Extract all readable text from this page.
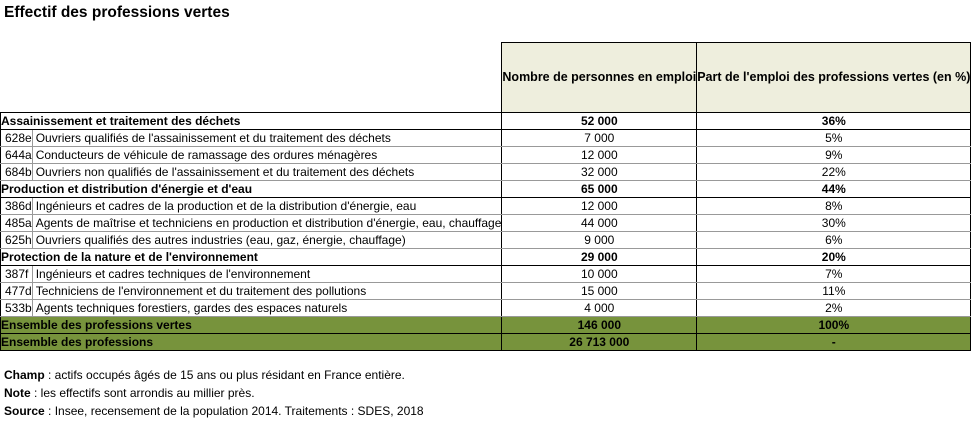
Effectif des professions vertes
		Nombre de personnes en emploi	Part de l'emploi des professions vertes (en %)
Assainissement et traitement des déchets		52 000	36%
628e	Ouvriers qualifiés de l'assainissement et du traitement des déchets	7 000	5%
644a	Conducteurs de véhicule de ramassage des ordures ménagères	12 000	9%
684b	Ouvriers non qualifiés de l'assainissement et du traitement des déchets	32 000	22%
Production et distribution d'énergie et d'eau		65 000	44%
386d	Ingénieurs et cadres de la production et de la distribution d'énergie, eau	12 000	8%
485a	Agents de maîtrise et techniciens en production et distribution d'énergie, eau, chauffage	44 000	30%
625h	Ouvriers qualifiés des autres industries (eau, gaz, énergie, chauffage)	9 000	6%
Protection de la nature et de l'environnement		29 000	20%
387f	Ingénieurs et cadres techniques de l'environnement	10 000	7%
477d	Techniciens de l'environnement et du traitement des pollutions	15 000	11%
533b	Agents techniques forestiers, gardes des espaces naturels	4 000	2%
Ensemble des professions vertes		146 000	100%
Ensemble des professions		26 713 000	-
Champ : actifs occupés âgés de 15 ans ou plus résidant en France entière.
Note : les effectifs sont arrondis au millier près.
Source : Insee, recensement de la population 2014. Traitements : SDES, 2018
